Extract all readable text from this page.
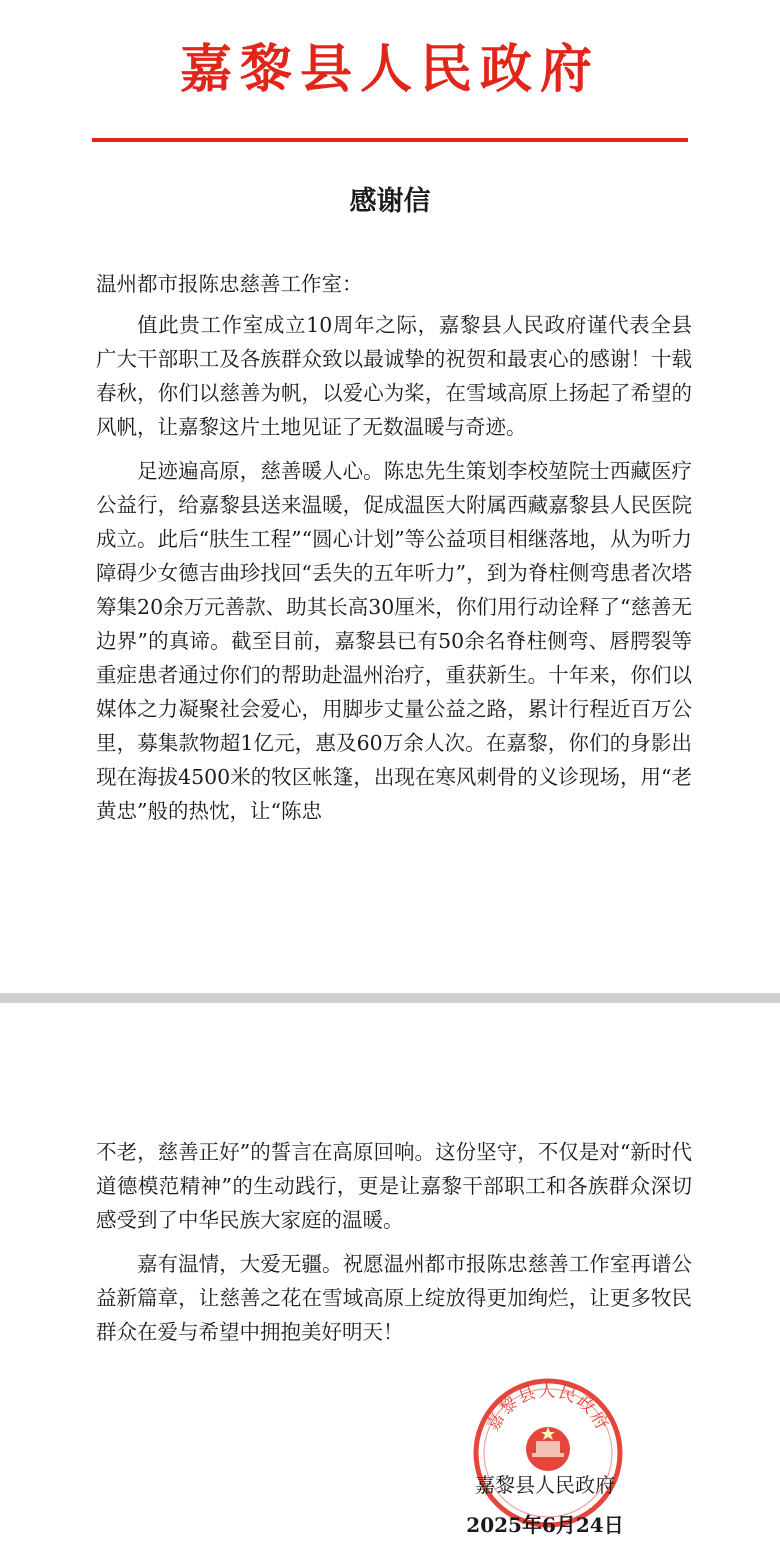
嘉黎县人民政府
感谢信
温州都市报陈忠慈善工作室：

值此贵工作室成立10周年之际，嘉黎县人民政府谨代表全县广大干部职工及各族群众致以最诚挚的祝贺和最衷心的感谢！十载春秋，你们以慈善为帆，以爱心为桨，在雪域高原上扬起了希望的风帆，让嘉黎这片土地见证了无数温暖与奇迹。

足迹遍高原，慈善暖人心。陈忠先生策划李校堃院士西藏医疗公益行，给嘉黎县送来温暖，促成温医大附属西藏嘉黎县人民医院成立。此后“肤生工程”“圆心计划”等公益项目相继落地，从为听力障碍少女德吉曲珍找回“丢失的五年听力”，到为脊柱侧弯患者次塔筹集20余万元善款、助其长高30厘米，你们用行动诠释了“慈善无边界”的真谛。截至目前，嘉黎县已有50余名脊柱侧弯、唇腭裂等重症患者通过你们的帮助赴温州治疗，重获新生。十年来，你们以媒体之力凝聚社会爱心，用脚步丈量公益之路，累计行程近百万公里，募集款物超1亿元，惠及60万余人次。在嘉黎，你们的身影出现在海拔4500米的牧区帐篷，出现在寒风刺骨的义诊现场，用“老黄忠”般的热忱，让“陈忠

不老，慈善正好”的誓言在高原回响。这份坚守，不仅是对“新时代道德模范精神”的生动践行，更是让嘉黎干部职工和各族群众深切感受到了中华民族大家庭的温暖。

嘉有温情，大爱无疆。祝愿温州都市报陈忠慈善工作室再谱公益新篇章，让慈善之花在雪域高原上绽放得更加绚烂，让更多牧民群众在爱与希望中拥抱美好明天！

嘉黎县人民政府
嘉黎县人民政府
2025年6月24日
